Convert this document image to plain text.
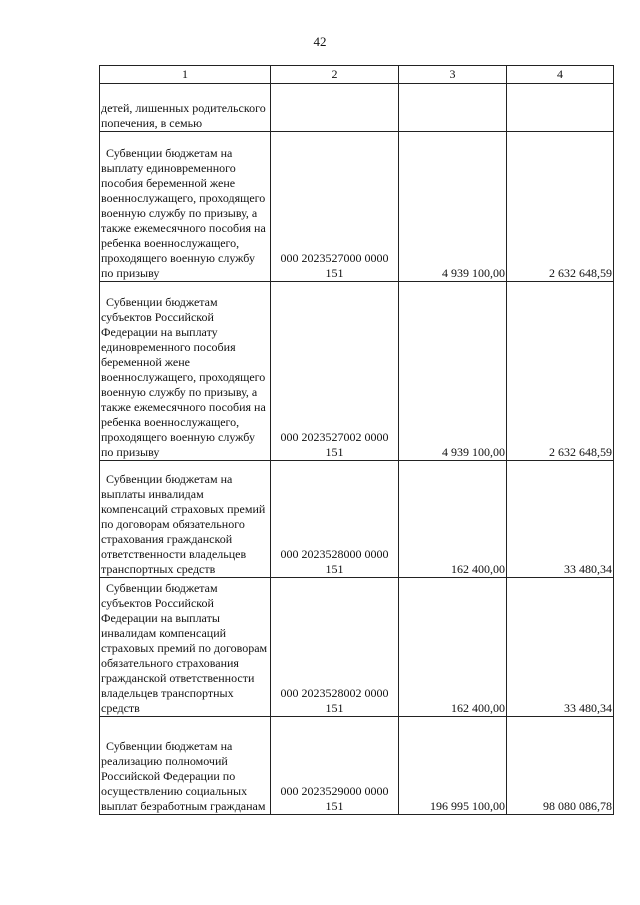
42
1	2	3	4

детей, лишенных родительского попечения, в семью			

Субвенции бюджетам на выплату единовременного пособия беременной жене военнослужащего, проходящего военную службу по призыву, а также ежемесячного пособия на ребенка военнослужащего, проходящего военную службу по призыву	000 2023527000 0000 151	4 939 100,00	2 632 648,59

Субвенции бюджетам субъектов Российской Федерации на выплату единовременного пособия беременной жене военнослужащего, проходящего военную службу по призыву, а также ежемесячного пособия на ребенка военнослужащего, проходящего военную службу по призыву	000 2023527002 0000 151	4 939 100,00	2 632 648,59

Субвенции бюджетам на выплаты инвалидам компенсаций страховых премий по договорам обязательного страхования гражданской ответственности владельцев транспортных средств	000 2023528000 0000 151	162 400,00	33 480,34

Субвенции бюджетам субъектов Российской Федерации на выплаты инвалидам компенсаций страховых премий по договорам обязательного страхования гражданской ответственности владельцев транспортных средств	000 2023528002 0000 151	162 400,00	33 480,34

Субвенции бюджетам на реализацию полномочий Российской Федерации по осуществлению социальных выплат безработным гражданам	000 2023529000 0000 151	196 995 100,00	98 080 086,78
